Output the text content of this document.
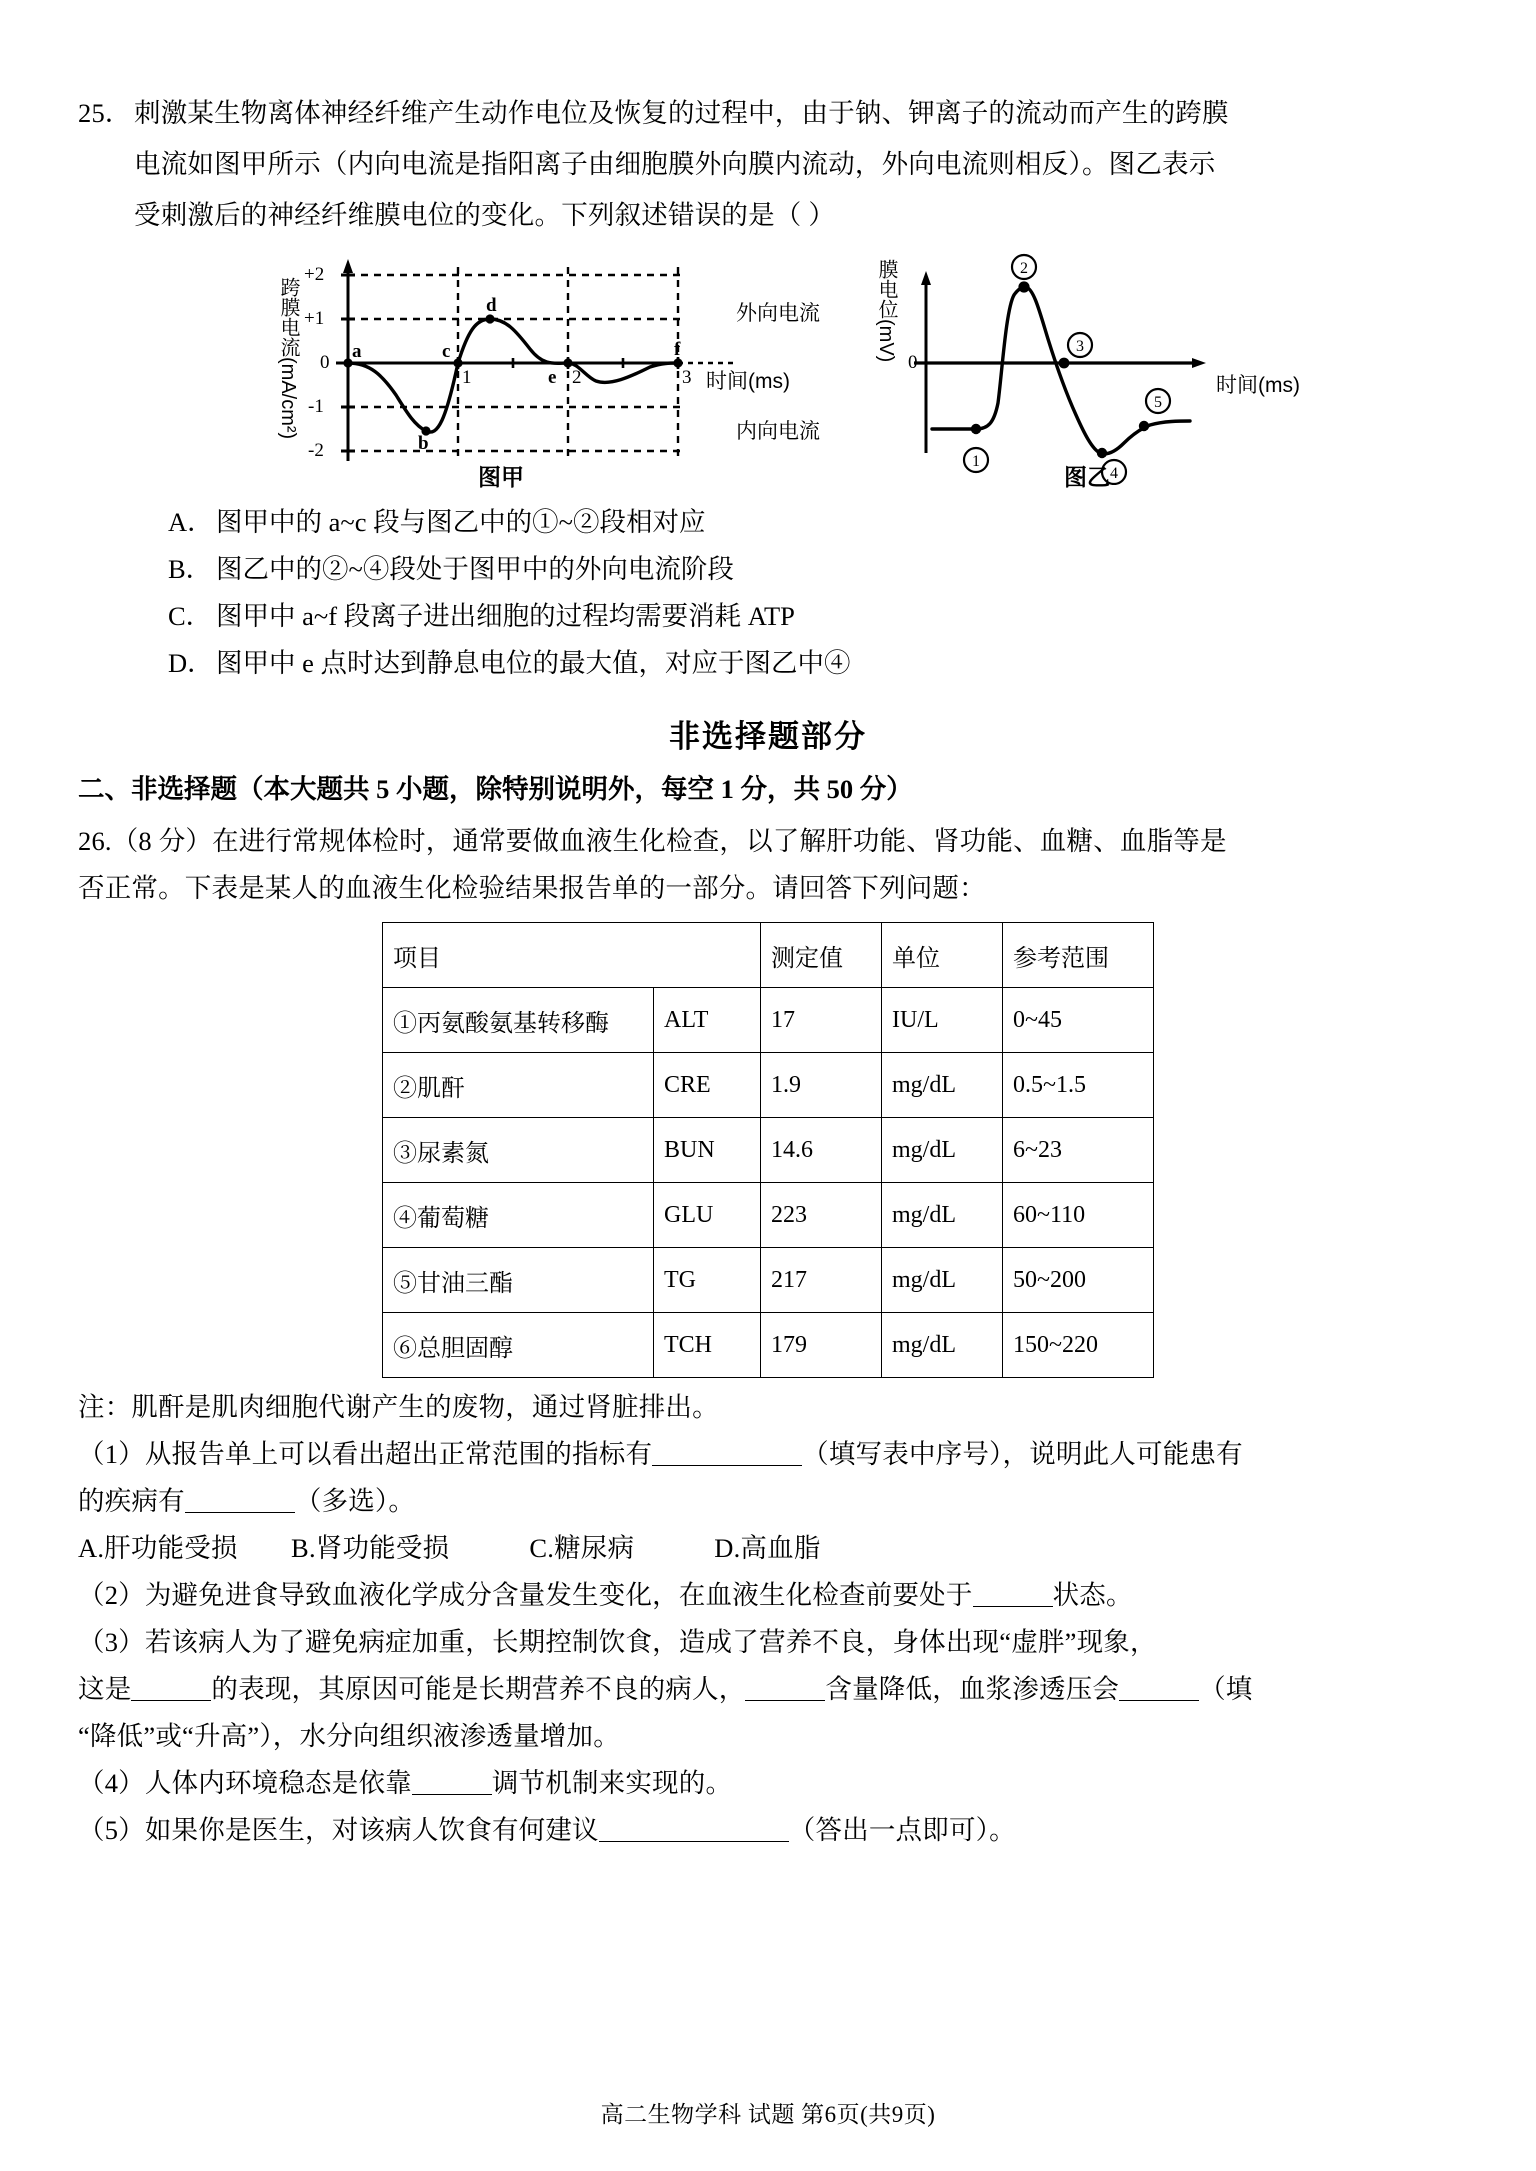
25．刺激某生物离体神经纤维产生动作电位及恢复的过程中，由于钠、钾离子的流动而产生的跨膜
电流如图甲所示（内向电流是指阳离子由细胞膜外向膜内流动，外向电流则相反）。图乙表示
受刺激后的神经纤维膜电位的变化。下列叙述错误的是（ ）
+2
+1
0
-1
-2
1	2	3
a
b
c
d
e
f
跨膜电流(mA/cm²)	时间(ms)
外向电流
内向电流
图甲
1
2
3
4
5
0
膜电位(mV)
时间(ms)
图乙
A．图甲中的 a~c 段与图乙中的①~②段相对应
B． 图乙中的②~④段处于图甲中的外向电流阶段
C． 图甲中 a~f 段离子进出细胞的过程均需要消耗 ATP
D．图甲中 e 点时达到静息电位的最大值，对应于图乙中④
非选择题部分
二、非选择题（本大题共 5 小题，除特别说明外，每空 1 分，共 50 分）
26.（8 分）在进行常规体检时，通常要做血液生化检查，以了解肝功能、肾功能、血糖、血脂等是
否正常。下表是某人的血液生化检验结果报告单的一部分。请回答下列问题：
项目		测定值	单位	参考范围
①丙氨酸氨基转移酶	ALT	17	IU/L	0~45
②肌酐	CRE	1.9	mg/dL	0.5~1.5
③尿素氮	BUN	14.6	mg/dL	6~23
④葡萄糖	GLU	223	mg/dL	60~110
⑤甘油三酯	TG	217	mg/dL	50~200
⑥总胆固醇	TCH	179	mg/dL	150~220
注：肌酐是肌肉细胞代谢产生的废物，通过肾脏排出。
（1）从报告单上可以看出超出正常范围的指标有	（填写表中序号），说明此人可能患有
的疾病有	（多选）。
A.肝功能受损　　B.肾功能受损　　　C.糖尿病　　　D.高血脂
（2）为避免进食导致血液化学成分含量发生变化，在血液生化检查前要处于	状态。
（3）若该病人为了避免病症加重，长期控制饮食，造成了营养不良，身体出现“虚胖”现象，
这是	的表现，其原因可能是长期营养不良的病人，	含量降低，血浆渗透压会	（填
“降低”或“升高”），水分向组织液渗透量增加。
（4）人体内环境稳态是依靠	调节机制来实现的。
（5）如果你是医生，对该病人饮食有何建议	（答出一点即可）。
高二生物学科 试题 第6页(共9页)
